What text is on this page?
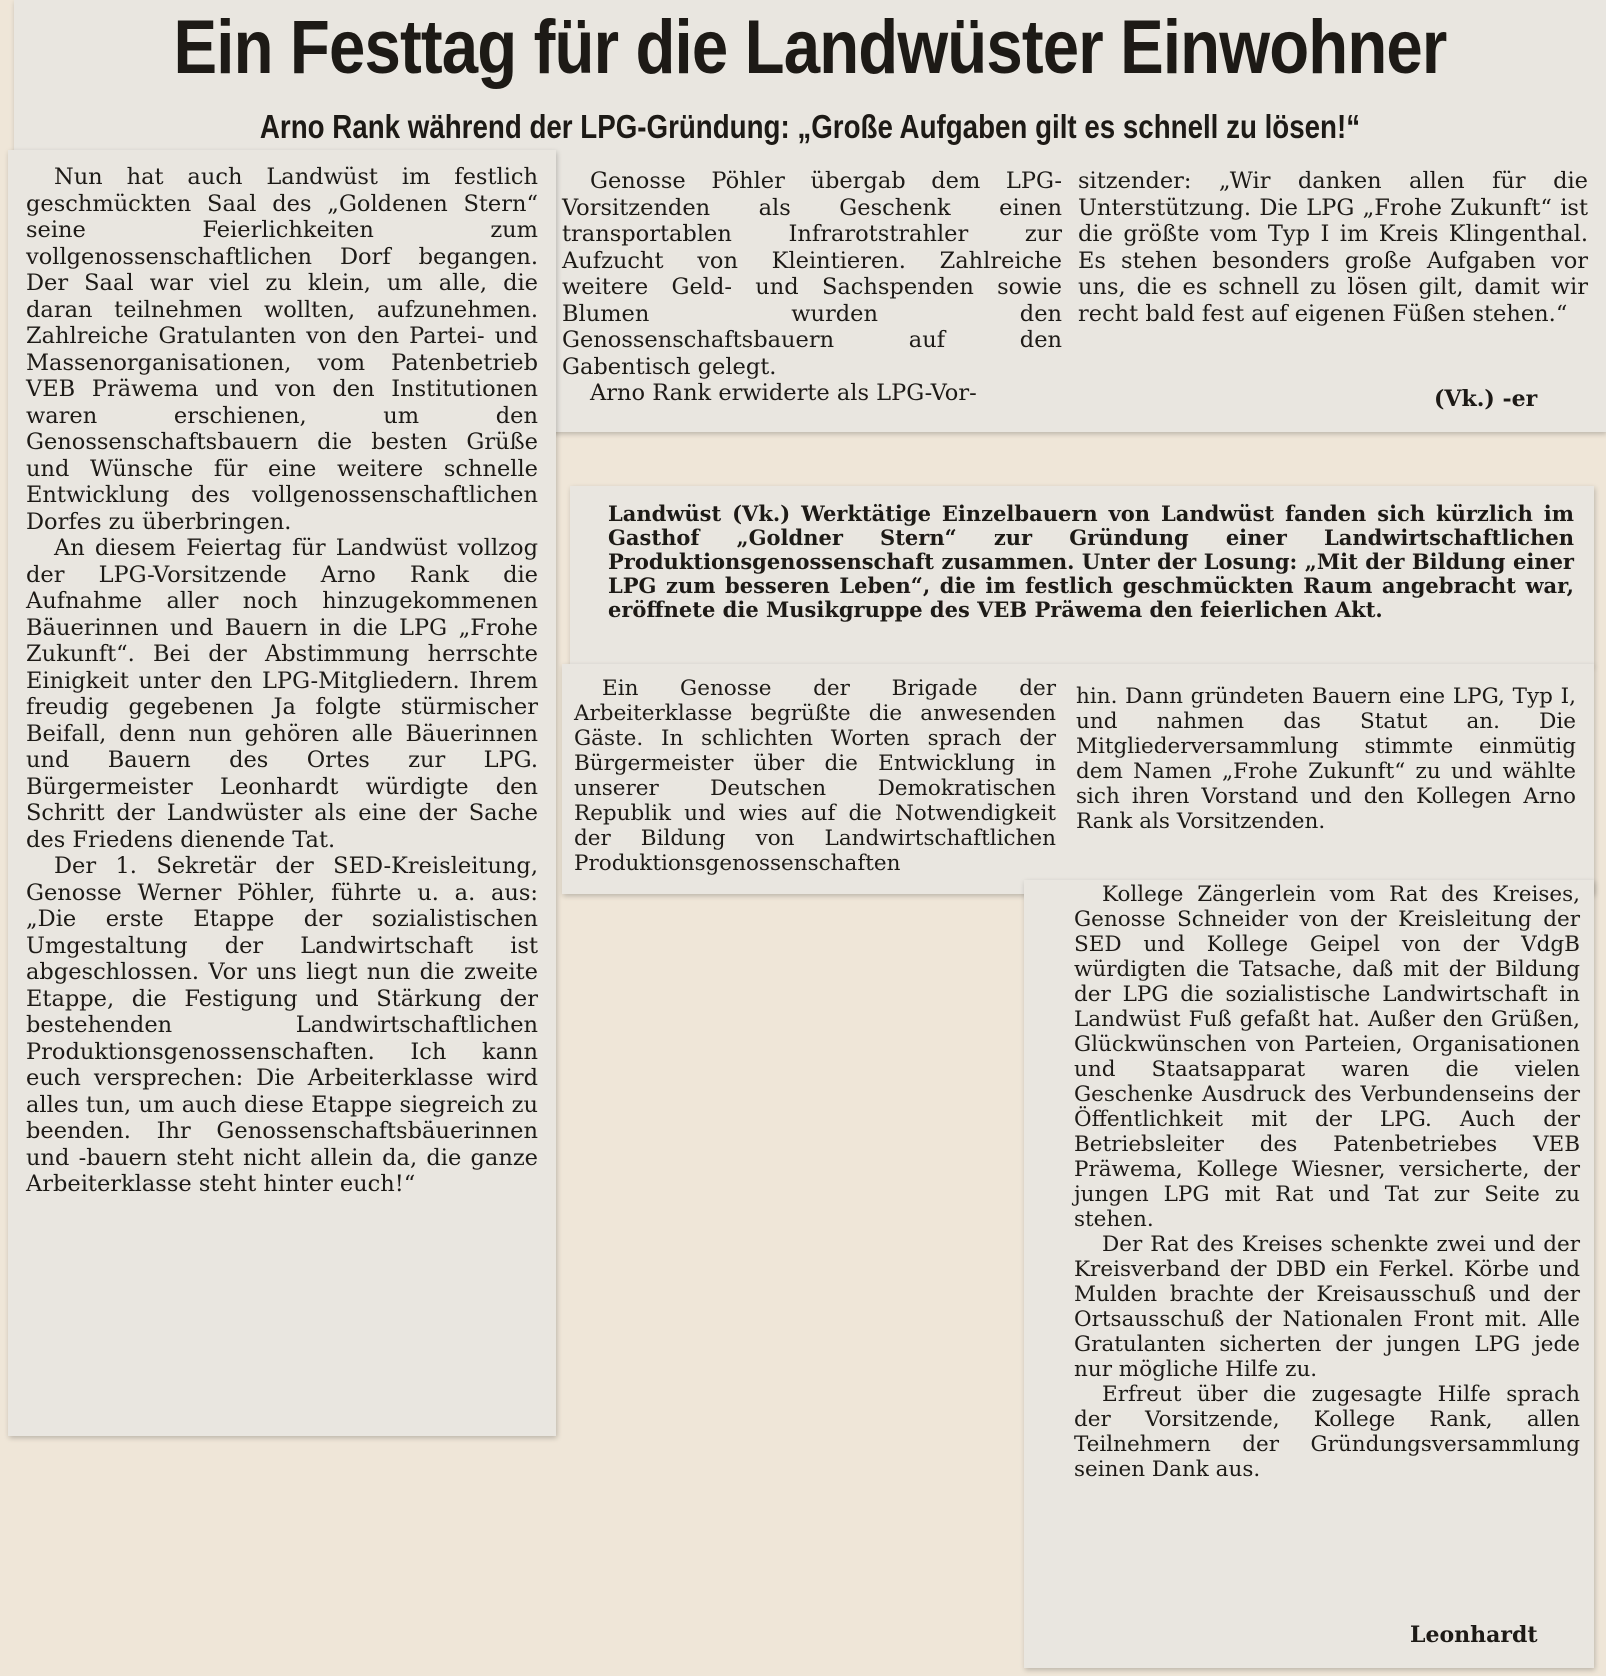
Ein Festtag für die Landwüster Einwohner
Arno Rank während der LPG-Gründung: „Große Aufgaben gilt es schnell zu lösen!“

Genosse Pöhler übergab dem LPG-Vorsitzenden als Geschenk einen transportablen Infrarotstrahler zur Aufzucht von Kleintieren. Zahlreiche weitere Geld- und Sachspenden sowie Blumen wurden den Genossenschaftsbauern auf den Gabentisch gelegt.

Arno Rank erwiderte als LPG-Vor-

sitzender: „Wir danken allen für die Unterstützung. Die LPG „Frohe Zukunft“ ist die größte vom Typ I im Kreis Klingenthal. Es stehen besonders große Aufgaben vor uns, die es schnell zu lösen gilt, damit wir recht bald fest auf eigenen Füßen stehen.“

(Vk.) -er

Nun hat auch Landwüst im festlich geschmückten Saal des „Goldenen Stern“ seine Feierlichkeiten zum vollgenossenschaftlichen Dorf begangen. Der Saal war viel zu klein, um alle, die daran teilnehmen wollten, aufzunehmen. Zahlreiche Gratulanten von den Partei- und Massenorganisationen, vom Patenbetrieb VEB Präwema und von den Institutionen waren erschienen, um den Genossenschaftsbauern die besten Grüße und Wünsche für eine weitere schnelle Entwicklung des vollgenossenschaftlichen Dorfes zu überbringen.

An diesem Feiertag für Landwüst vollzog der LPG-Vorsitzende Arno Rank die Aufnahme aller noch hinzugekommenen Bäuerinnen und Bauern in die LPG „Frohe Zukunft“. Bei der Abstimmung herrschte Einigkeit unter den LPG-Mitgliedern. Ihrem freudig gegebenen Ja folgte stürmischer Beifall, denn nun gehören alle Bäuerinnen und Bauern des Ortes zur LPG. Bürgermeister Leonhardt würdigte den Schritt der Landwüster als eine der Sache des Friedens dienende Tat.

Der 1. Sekretär der SED-Kreisleitung, Genosse Werner Pöhler, führte u. a. aus: „Die erste Etappe der sozialistischen Umgestaltung der Landwirtschaft ist abgeschlossen. Vor uns liegt nun die zweite Etappe, die Festigung und Stärkung der bestehenden Landwirtschaftlichen Produktionsgenossenschaften. Ich kann euch versprechen: Die Arbeiterklasse wird alles tun, um auch diese Etappe siegreich zu beenden. Ihr Genossenschaftsbäuerinnen und -bauern steht nicht allein da, die ganze Arbeiterklasse steht hinter euch!“

Landwüst (Vk.) Werktätige Einzelbauern von Landwüst fanden sich kürzlich im Gasthof „Goldner Stern“ zur Gründung einer Landwirtschaftlichen Produktionsgenossenschaft zusammen. Unter der Losung: „Mit der Bildung einer LPG zum besseren Leben“, die im festlich geschmückten Raum angebracht war, eröffnete die Musikgruppe des VEB Präwema den feierlichen Akt.

Ein Genosse der Brigade der Arbeiterklasse begrüßte die anwesenden Gäste. In schlichten Worten sprach der Bürgermeister über die Entwicklung in unserer Deutschen Demokratischen Republik und wies auf die Notwendigkeit der Bildung von Landwirtschaftlichen Produktionsgenossenschaften

hin. Dann gründeten Bauern eine LPG, Typ I, und nahmen das Statut an. Die Mitgliederversammlung stimmte einmütig dem Namen „Frohe Zukunft“ zu und wählte sich ihren Vorstand und den Kollegen Arno Rank als Vorsitzenden.

Kollege Zängerlein vom Rat des Kreises, Genosse Schneider von der Kreisleitung der SED und Kollege Geipel von der VdgB würdigten die Tatsache, daß mit der Bildung der LPG die sozialistische Landwirtschaft in Landwüst Fuß gefaßt hat. Außer den Grüßen, Glückwünschen von Parteien, Organisationen und Staatsapparat waren die vielen Geschenke Ausdruck des Verbundenseins der Öffentlichkeit mit der LPG. Auch der Betriebsleiter des Patenbetriebes VEB Präwema, Kollege Wiesner, versicherte, der jungen LPG mit Rat und Tat zur Seite zu stehen.

Der Rat des Kreises schenkte zwei und der Kreisverband der DBD ein Ferkel. Körbe und Mulden brachte der Kreisausschuß und der Ortsausschuß der Nationalen Front mit. Alle Gratulanten sicherten der jungen LPG jede nur mögliche Hilfe zu.

Erfreut über die zugesagte Hilfe sprach der Vorsitzende, Kollege Rank, allen Teilnehmern der Gründungsversammlung seinen Dank aus.

Leonhardt
